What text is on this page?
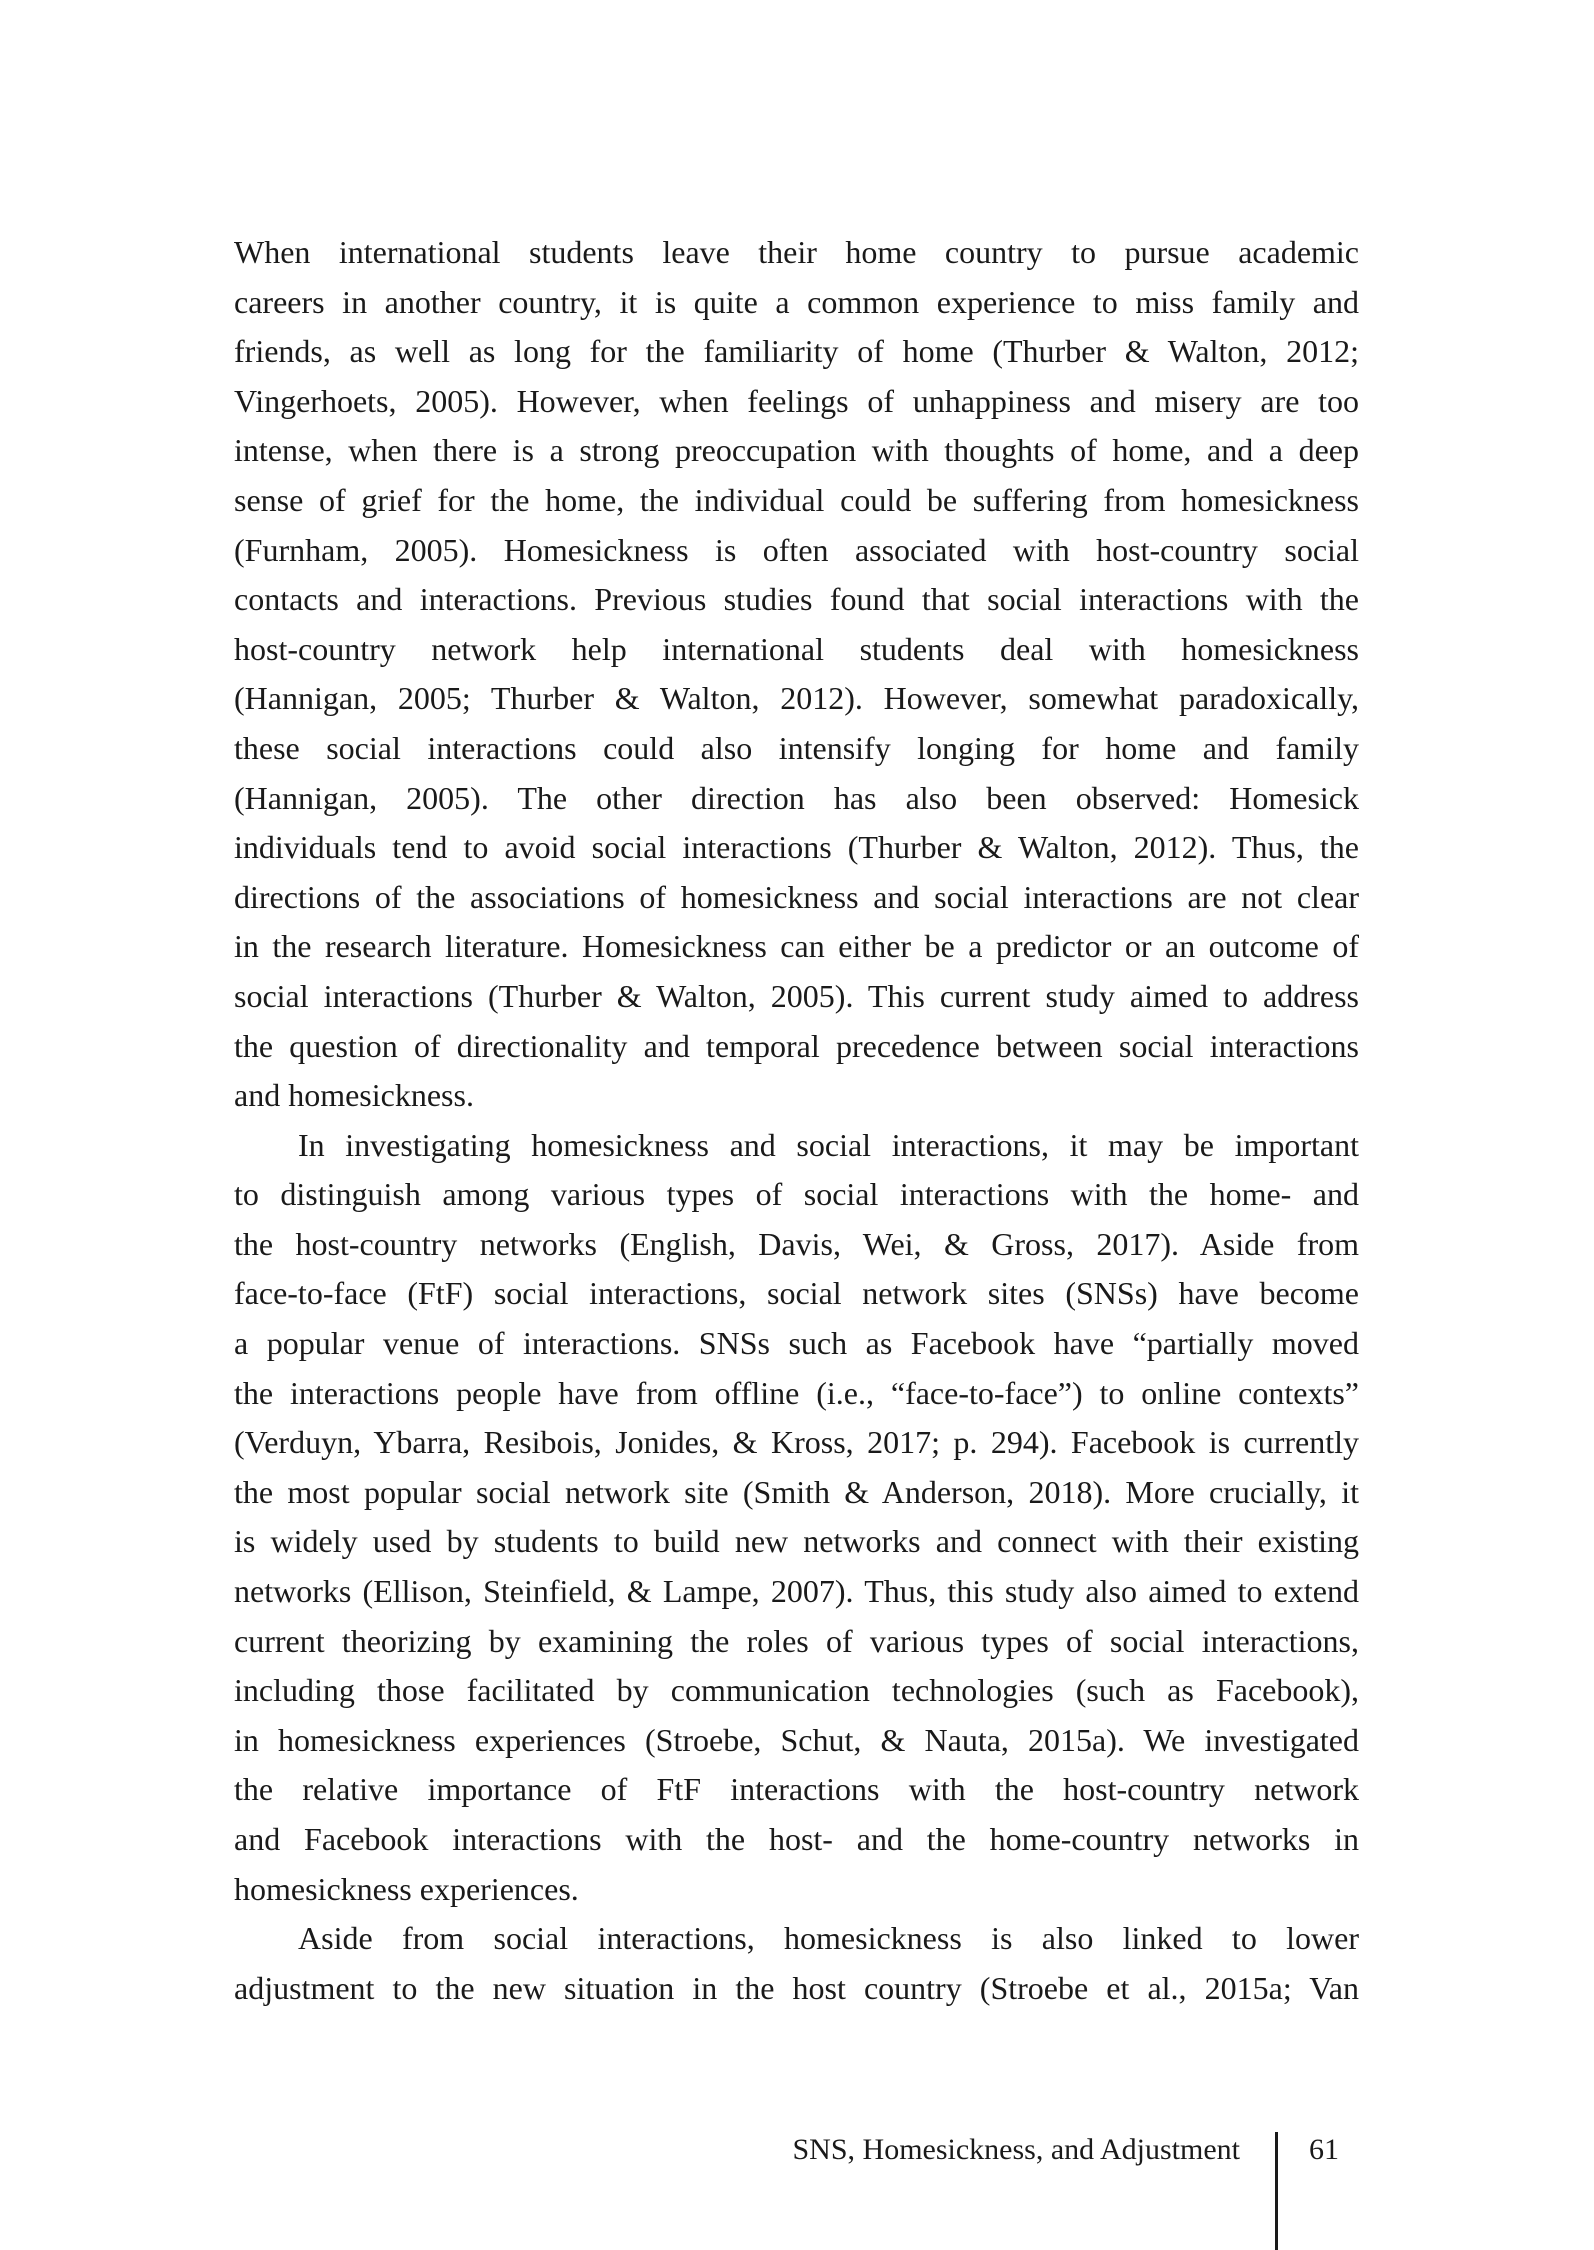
When international students leave their home country to pursue academic
careers in another country, it is quite a common experience to miss family and
friends, as well as long for the familiarity of home (Thurber & Walton, 2012;
Vingerhoets, 2005). However, when feelings of unhappiness and misery are too
intense, when there is a strong preoccupation with thoughts of home, and a deep
sense of grief for the home, the individual could be suffering from homesickness
(Furnham, 2005). Homesickness is often associated with host-country social
contacts and interactions. Previous studies found that social interactions with the
host-country network help international students deal with homesickness
(Hannigan, 2005; Thurber & Walton, 2012). However, somewhat paradoxically,
these social interactions could also intensify longing for home and family
(Hannigan, 2005). The other direction has also been observed: Homesick
individuals tend to avoid social interactions (Thurber & Walton, 2012). Thus, the
directions of the associations of homesickness and social interactions are not clear
in the research literature. Homesickness can either be a predictor or an outcome of
social interactions (Thurber & Walton, 2005). This current study aimed to address
the question of directionality and temporal precedence between social interactions
and homesickness.
In investigating homesickness and social interactions, it may be important
to distinguish among various types of social interactions with the home- and
the host-country networks (English, Davis, Wei, & Gross, 2017). Aside from
face-to-face (FtF) social interactions, social network sites (SNSs) have become
a popular venue of interactions. SNSs such as Facebook have “partially moved
the interactions people have from offline (i.e., “face-to-face”) to online contexts”
(Verduyn, Ybarra, Resibois, Jonides, & Kross, 2017; p. 294). Facebook is currently
the most popular social network site (Smith & Anderson, 2018). More crucially, it
is widely used by students to build new networks and connect with their existing
networks (Ellison, Steinfield, & Lampe, 2007). Thus, this study also aimed to extend
current theorizing by examining the roles of various types of social interactions,
including those facilitated by communication technologies (such as Facebook),
in homesickness experiences (Stroebe, Schut, & Nauta, 2015a). We investigated
the relative importance of FtF interactions with the host-country network
and Facebook interactions with the host- and the home-country networks in
homesickness experiences.
Aside from social interactions, homesickness is also linked to lower
adjustment to the new situation in the host country (Stroebe et al., 2015a; Van
SNS, Homesickness, and Adjustment 61
